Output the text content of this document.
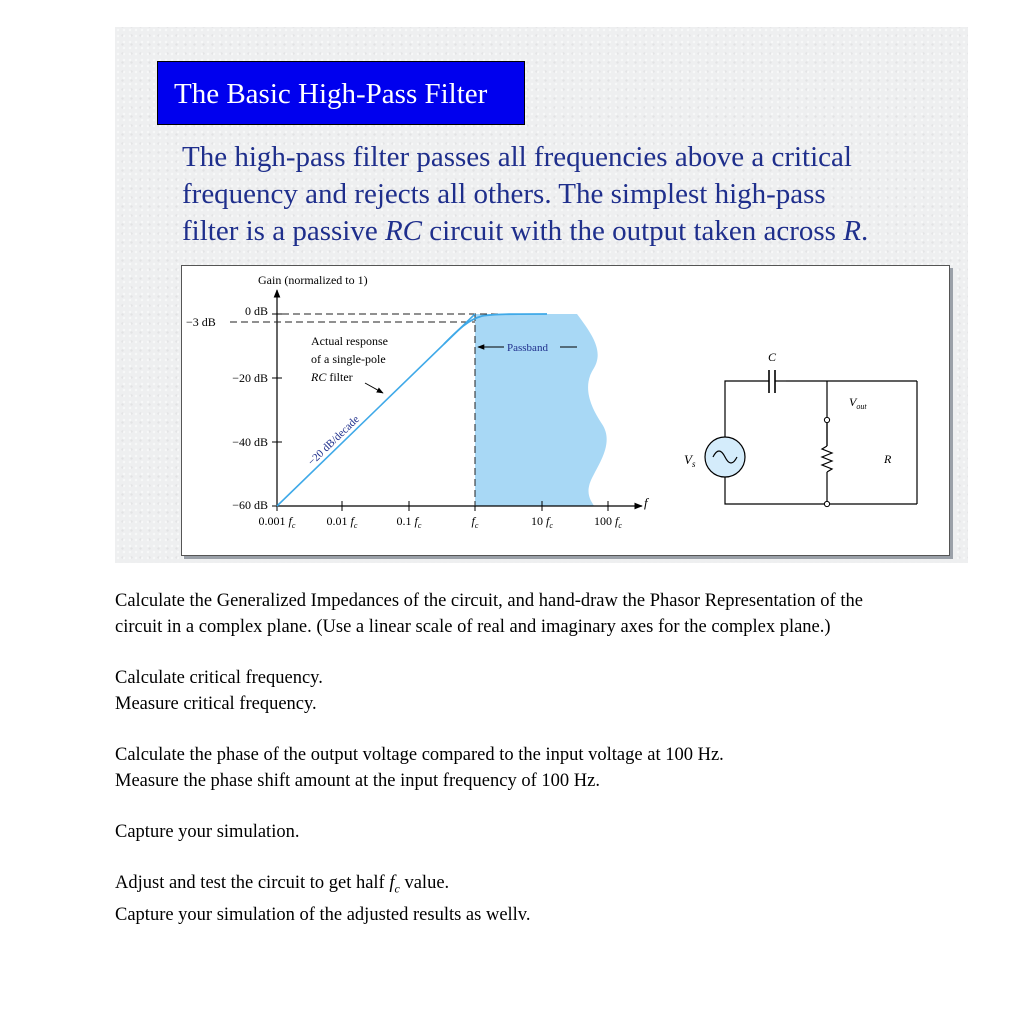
The Basic High-Pass Filter
The high-pass filter passes all frequencies above a critical
frequency and rejects all others. The simplest high-pass
filter is a passive RC circuit with the output taken across R.
Gain (normalized to 1)
0 dB
−20 dB
−40 dB
−60 dB
−3 dB
0.001 $f_c$	0.01 $f_c$	0.1 $f_c$	$f_c$	10 $f_c$	100 $f_c$
f
Actual response
of a single-pole
RC filter
−20 dB/decade
Passband
$V_s$
C
R
$V_{out}$
Calculate the Generalized Impedances of the circuit, and hand-draw the Phasor Representation of the
circuit in a complex plane. (Use a linear scale of real and imaginary axes for the complex plane.)
Calculate critical frequency.
Measure critical frequency.
Calculate the phase of the output voltage compared to the input voltage at 100 Hz.
Measure the phase shift amount at the input frequency of 100 Hz.
Capture your simulation.
Adjust and test the circuit to get half $f_c$ value.
Capture your simulation of the adjusted results as wellv.
